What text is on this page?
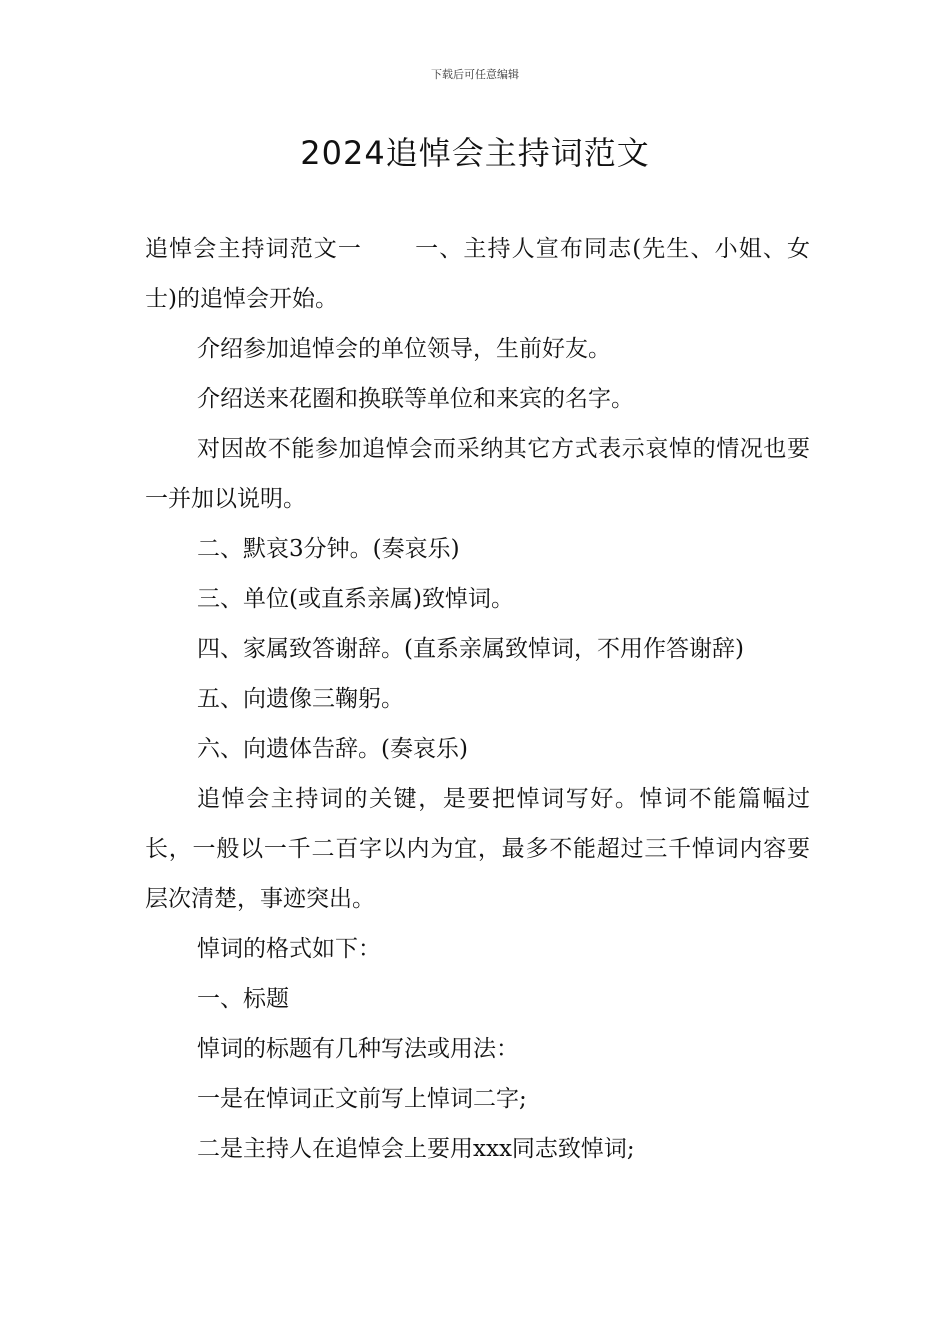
下载后可任意编辑
2024追悼会主持词范文

追悼会主持词范文一 一、主持人宣布同志(先生、小姐、女士)的追悼会开始。

介绍参加追悼会的单位领导，生前好友。

介绍送来花圈和换联等单位和来宾的名字。

对因故不能参加追悼会而采纳其它方式表示哀悼的情况也要一并加以说明。

二、默哀3分钟。(奏哀乐)

三、单位(或直系亲属)致悼词。

四、家属致答谢辞。(直系亲属致悼词，不用作答谢辞)

五、向遗像三鞠躬。

六、向遗体告辞。(奏哀乐)

追悼会主持词的关键，是要把悼词写好。悼词不能篇幅过长，一般以一千二百字以内为宜，最多不能超过三千悼词内容要层次清楚，事迹突出。

悼词的格式如下：

一、标题

悼词的标题有几种写法或用法：

一是在悼词正文前写上悼词二字;

二是主持人在追悼会上要用xxx同志致悼词;
